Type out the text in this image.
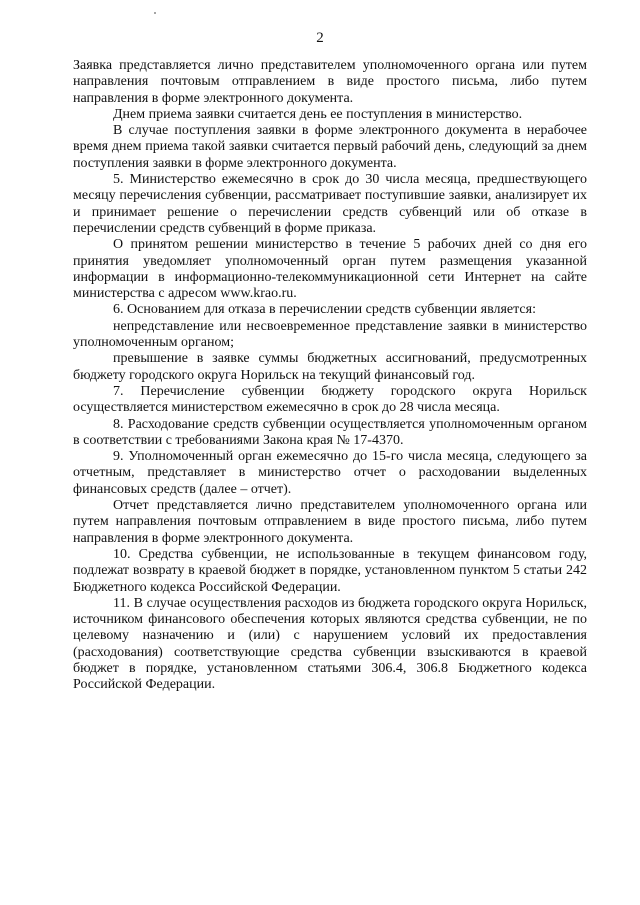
2

Заявка представляется лично представителем уполномоченного органа или путем направления почтовым отправлением в виде простого письма, либо путем направления в форме электронного документа.

Днем приема заявки считается день ее поступления в министерство.

В случае поступления заявки в форме электронного документа в нерабочее время днем приема такой заявки считается первый рабочий день, следующий за днем поступления заявки в форме электронного документа.

5. Министерство ежемесячно в срок до 30 числа месяца, предшествующего месяцу перечисления субвенции, рассматривает поступившие заявки, анализирует их и принимает решение о перечислении средств субвенций или об отказе в перечислении средств субвенций в форме приказа.

О принятом решении министерство в течение 5 рабочих дней со дня его принятия уведомляет уполномоченный орган путем размещения указанной информации в информационно-телекоммуникационной сети Интернет на сайте министерства с адресом www.krao.ru.

6. Основанием для отказа в перечислении средств субвенции является:

непредставление или несвоевременное представление заявки в министерство уполномоченным органом;

превышение в заявке суммы бюджетных ассигнований, предусмотренных бюджету городского округа Норильск на текущий финансовый год.

7. Перечисление субвенции бюджету городского округа Норильск осуществляется министерством ежемесячно в срок до 28 числа месяца.

8. Расходование средств субвенции осуществляется уполномоченным органом в соответствии с требованиями Закона края № 17-4370.

9. Уполномоченный орган ежемесячно до 15-го числа месяца, следующего за отчетным, представляет в министерство отчет о расходовании выделенных финансовых средств (далее – отчет).

Отчет представляется лично представителем уполномоченного органа или путем направления почтовым отправлением в виде простого письма, либо путем направления в форме электронного документа.

10. Средства субвенции, не использованные в текущем финансовом году, подлежат возврату в краевой бюджет в порядке, установленном пунктом 5 статьи 242 Бюджетного кодекса Российской Федерации.

11. В случае осуществления расходов из бюджета городского округа Норильск, источником финансового обеспечения которых являются средства субвенции, не по целевому назначению и (или) с нарушением условий их предоставления (расходования) соответствующие средства субвенции взыскиваются в краевой бюджет в порядке, установленном статьями 306.4, 306.8 Бюджетного кодекса Российской Федерации.
